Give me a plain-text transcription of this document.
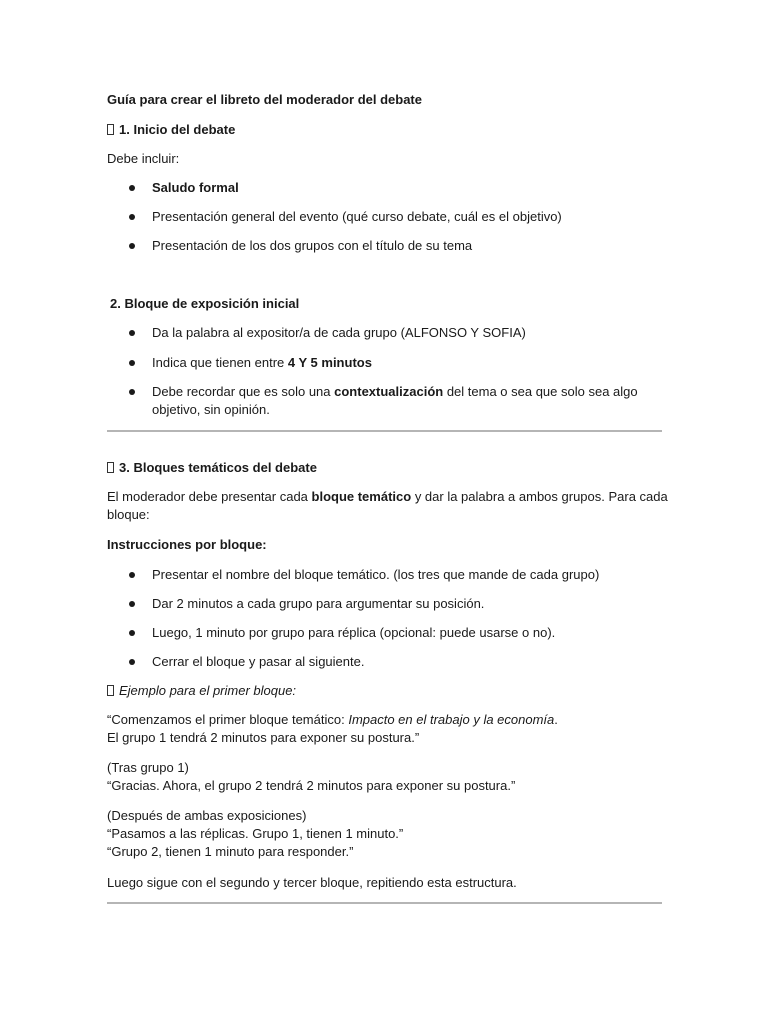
Guía para crear el libreto del moderador del debate
1. Inicio del debate
Debe incluir:
Saludo formal
Presentación general del evento (qué curso debate, cuál es el objetivo)
Presentación de los dos grupos con el título de su tema
2. Bloque de exposición inicial
Da la palabra al expositor/a de cada grupo (ALFONSO Y SOFIA)
Indica que tienen entre 4 Y 5 minutos
Debe recordar que es solo una contextualización del tema o sea que solo sea algo
objetivo, sin opinión.
3. Bloques temáticos del debate
El moderador debe presentar cada bloque temático y dar la palabra a ambos grupos. Para cada
bloque:
Instrucciones por bloque:
Presentar el nombre del bloque temático. (los tres que mande de cada grupo)
Dar 2 minutos a cada grupo para argumentar su posición.
Luego, 1 minuto por grupo para réplica (opcional: puede usarse o no).
Cerrar el bloque y pasar al siguiente.
Ejemplo para el primer bloque:
“Comenzamos el primer bloque temático: Impacto en el trabajo y la economía.
El grupo 1 tendrá 2 minutos para exponer su postura.”
(Tras grupo 1)
“Gracias. Ahora, el grupo 2 tendrá 2 minutos para exponer su postura.”
(Después de ambas exposiciones)
“Pasamos a las réplicas. Grupo 1, tienen 1 minuto.”
“Grupo 2, tienen 1 minuto para responder.”
Luego sigue con el segundo y tercer bloque, repitiendo esta estructura.
